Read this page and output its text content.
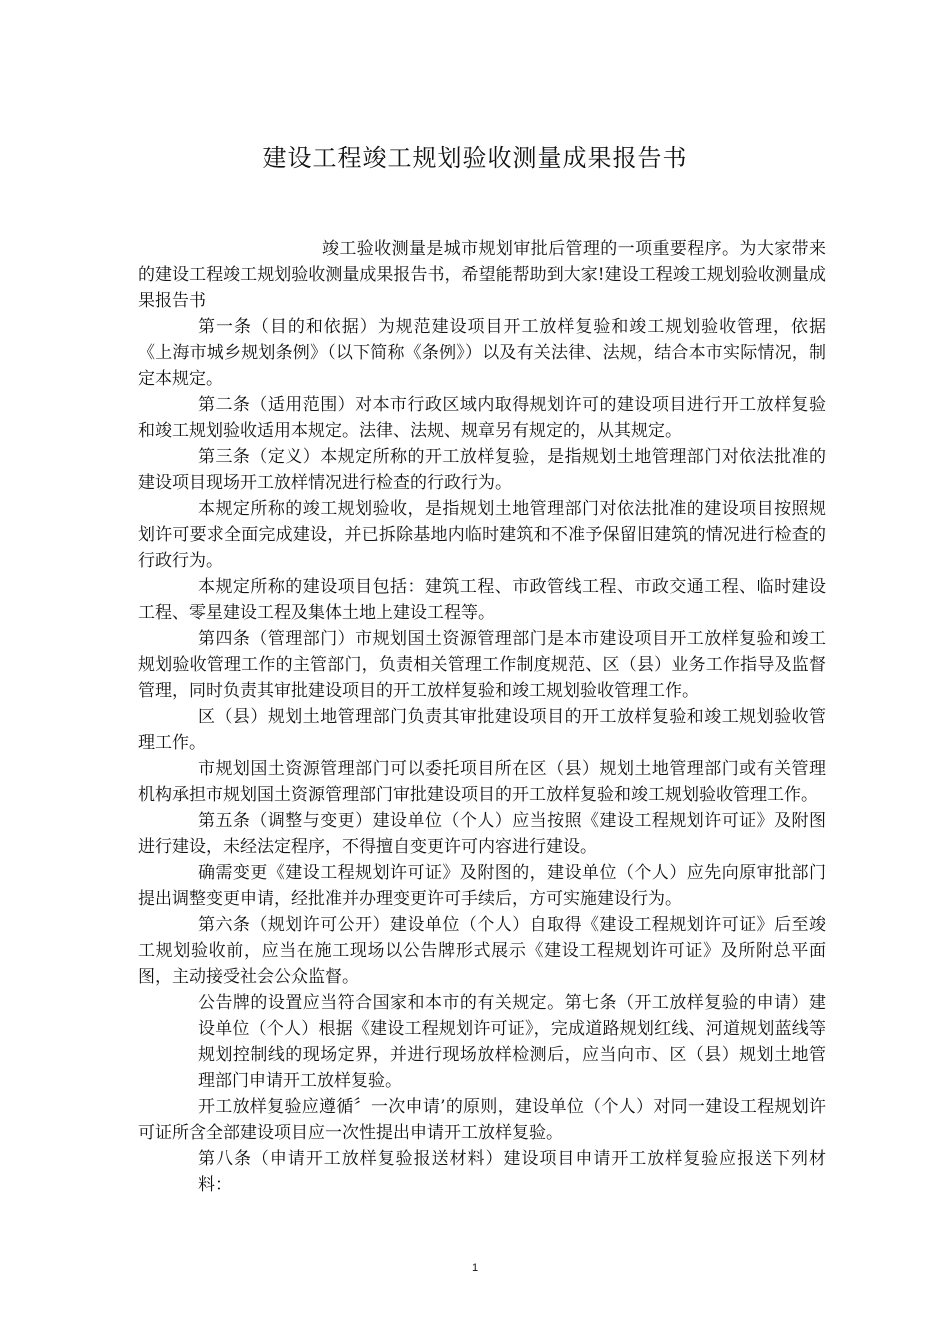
建设工程竣工规划验收测量成果报告书

竣工验收测量是城市规划审批后管理的一项重要程序。为大家带来的建设工程竣工规划验收测量成果报告书，希望能帮助到大家!建设工程竣工规划验收测量成果报告书

第一条（目的和依据）为规范建设项目开工放样复验和竣工规划验收管理，依据《上海市城乡规划条例》（以下简称《条例》）以及有关法律、法规，结合本市实际情况，制定本规定。

第二条（适用范围）对本市行政区域内取得规划许可的建设项目进行开工放样复验和竣工规划验收适用本规定。法律、法规、规章另有规定的，从其规定。

第三条（定义）本规定所称的开工放样复验，是指规划土地管理部门对依法批准的建设项目现场开工放样情况进行检查的行政行为。

本规定所称的竣工规划验收，是指规划土地管理部门对依法批准的建设项目按照规划许可要求全面完成建设，并已拆除基地内临时建筑和不准予保留旧建筑的情况进行检查的行政行为。

本规定所称的建设项目包括：建筑工程、市政管线工程、市政交通工程、临时建设工程、零星建设工程及集体土地上建设工程等。

第四条（管理部门）市规划国土资源管理部门是本市建设项目开工放样复验和竣工规划验收管理工作的主管部门，负责相关管理工作制度规范、区（县）业务工作指导及监督管理，同时负责其审批建设项目的开工放样复验和竣工规划验收管理工作。

区（县）规划土地管理部门负责其审批建设项目的开工放样复验和竣工规划验收管理工作。

市规划国土资源管理部门可以委托项目所在区（县）规划土地管理部门或有关管理机构承担市规划国土资源管理部门审批建设项目的开工放样复验和竣工规划验收管理工作。

第五条（调整与变更）建设单位（个人）应当按照《建设工程规划许可证》及附图进行建设，未经法定程序，不得擅自变更许可内容进行建设。

确需变更《建设工程规划许可证》及附图的，建设单位（个人）应先向原审批部门提出调整变更申请，经批准并办理变更许可手续后，方可实施建设行为。

第六条（规划许可公开）建设单位（个人）自取得《建设工程规划许可证》后至竣工规划验收前，应当在施工现场以公告牌形式展示《建设工程规划许可证》及所附总平面图，主动接受社会公众监督。

公告牌的设置应当符合国家和本市的有关规定。第七条（开工放样复验的申请）建设单位（个人）根据《建设工程规划许可证》，完成道路规划红线、河道规划蓝线等规划控制线的现场定界，并进行现场放样检测后，应当向市、区（县）规划土地管理部门申请开工放样复验。

开工放样复验应遵循〞一次申请’的原则，建设单位（个人）对同一建设工程规划许可证所含全部建设项目应一次性提出申请开工放样复验。

第八条（申请开工放样复验报送材料）建设项目申请开工放样复验应报送下列材料：

1
